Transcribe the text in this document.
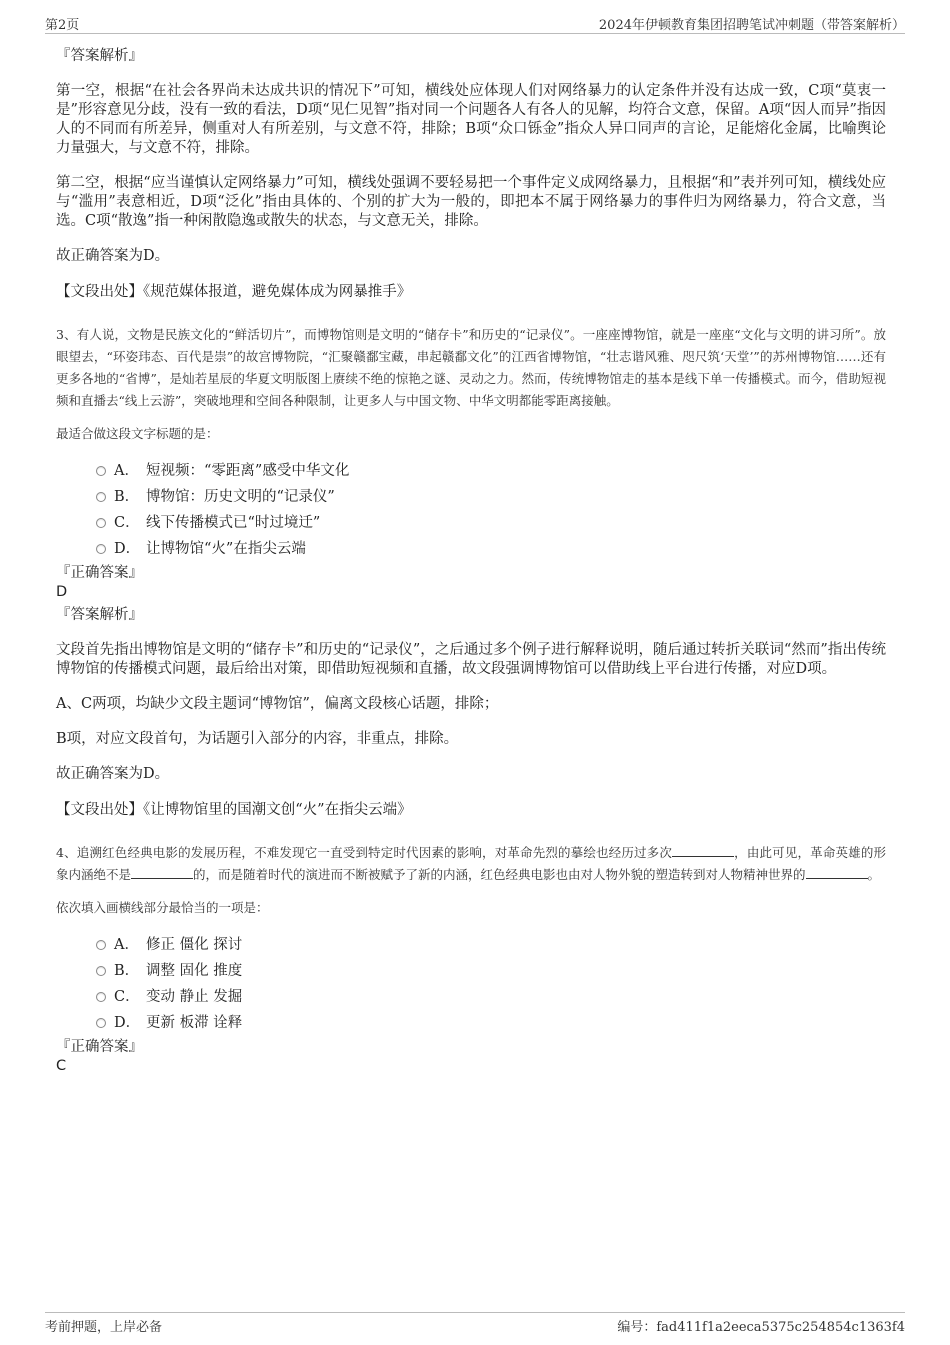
第2页	2024年伊顿教育集团招聘笔试冲刺题（带答案解析）
『答案解析』

第一空，根据“在社会各界尚未达成共识的情况下”可知，横线处应体现人们对网络暴力的认定条件并没有达成一致，C项“莫衷一是”形容意见分歧，没有一致的看法，D项“见仁见智”指对同一个问题各人有各人的见解，均符合文意，保留。A项“因人而异”指因人的不同而有所差异，侧重对人有所差别，与文意不符，排除；B项“众口铄金”指众人异口同声的言论，足能熔化金属，比喻舆论力量强大，与文意不符，排除。

第二空，根据“应当谨慎认定网络暴力”可知，横线处强调不要轻易把一个事件定义成网络暴力，且根据“和”表并列可知，横线处应与“滥用”表意相近，D项“泛化”指由具体的、个别的扩大为一般的，即把本不属于网络暴力的事件归为网络暴力，符合文意，当选。C项“散逸”指一种闲散隐逸或散失的状态，与文意无关，排除。

故正确答案为D。

【文段出处】《规范媒体报道，避免媒体成为网暴推手》

3、有人说，文物是民族文化的“鲜活切片”，而博物馆则是文明的“储存卡”和历史的“记录仪”。一座座博物馆，就是一座座“文化与文明的讲习所”。放眼望去，“环姿玮态、百代是崇”的故宫博物院，“汇聚赣鄱宝藏，串起赣鄱文化”的江西省博物馆，“壮志谐风雅、咫尺筑‘天堂’”的苏州博物馆……还有更多各地的“省博”，是灿若星辰的华夏文明版图上赓续不绝的惊艳之谜、灵动之力。然而，传统博物馆走的基本是线下单一传播模式。而今，借助短视频和直播去“线上云游”，突破地理和空间各种限制，让更多人与中国文物、中华文明都能零距离接触。

最适合做这段文字标题的是：

A． 短视频：“零距离”感受中华文化
B． 博物馆：历史文明的“记录仪”
C． 线下传播模式已“时过境迁”
D． 让博物馆“火”在指尖云端
『正确答案』
D
『答案解析』

文段首先指出博物馆是文明的“储存卡”和历史的“记录仪”，之后通过多个例子进行解释说明，随后通过转折关联词“然而”指出传统博物馆的传播模式问题，最后给出对策，即借助短视频和直播，故文段强调博物馆可以借助线上平台进行传播，对应D项。

A、C两项，均缺少文段主题词“博物馆”，偏离文段核心话题，排除；

B项，对应文段首句，为话题引入部分的内容，非重点，排除。

故正确答案为D。

【文段出处】《让博物馆里的国潮文创“火”在指尖云端》

4、追溯红色经典电影的发展历程，不难发现它一直受到特定时代因素的影响，对革命先烈的摹绘也经历过多次	，由此可见，革命英雄的形象内涵绝不是	的，而是随着时代的演进而不断被赋予了新的内涵，红色经典电影也由对人物外貌的塑造转到对人物精神世界的	。

依次填入画横线部分最恰当的一项是：

A． 修正 僵化 探讨
B． 调整 固化 推度
C． 变动 静止 发掘
D． 更新 板滞 诠释
『正确答案』
C
考前押题，上岸必备	编号：fad411f1a2eeca5375c254854c1363f4
